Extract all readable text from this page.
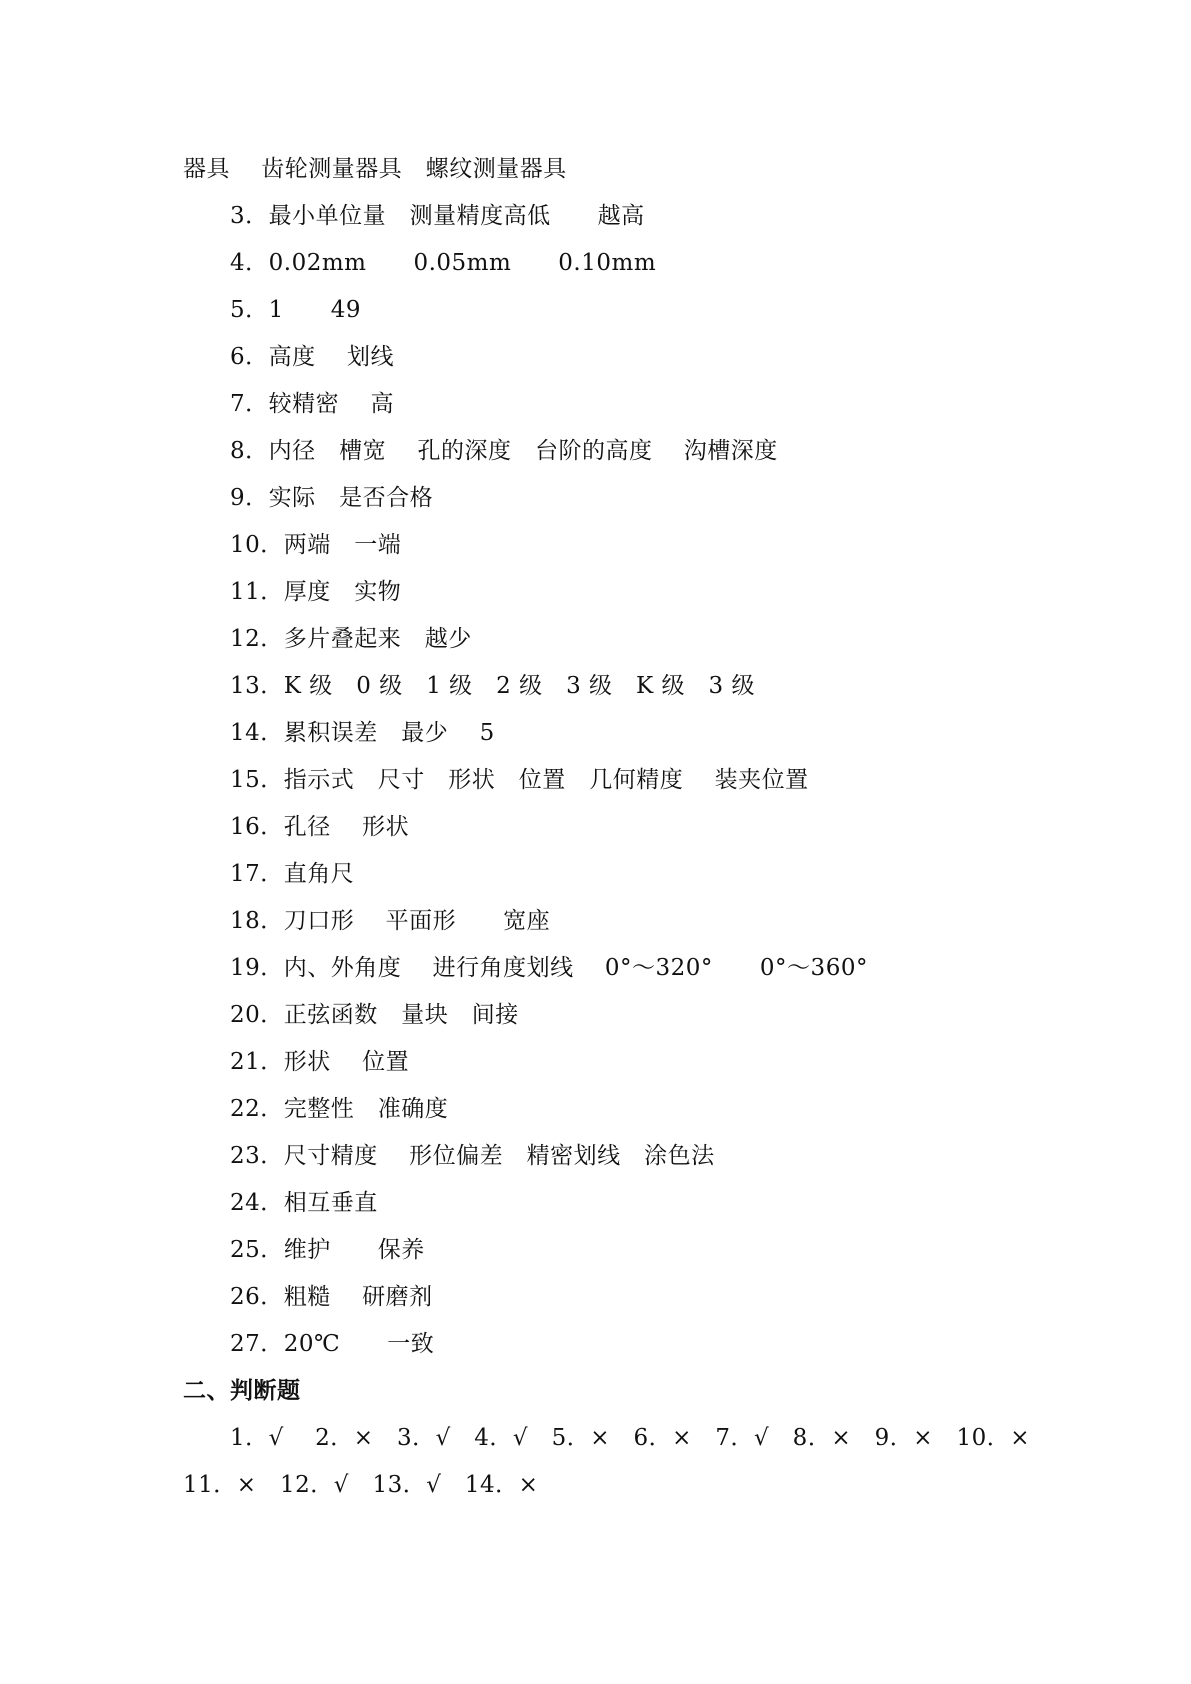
器具　 齿轮测量器具　螺纹测量器具
3．最小单位量　测量精度高低　　越高
4．0.02mm　　0.05mm　　0.10mm
5．1　　49
6．高度　 划线
7．较精密　 高
8．内径　槽宽　 孔的深度　台阶的高度　 沟槽深度
9．实际　是否合格
10．两端　一端
11．厚度　实物
12．多片叠起来　越少
13．K 级　0 级　1 级　2 级　3 级　K 级　3 级
14．累积误差　最少　 5
15．指示式　尺寸　形状　位置　几何精度　 装夹位置
16．孔径　 形状
17．直角尺
18．刀口形　 平面形　　宽座
19．内、外角度　 进行角度划线　 0°～320°　　0°～360°
20．正弦函数　量块　间接
21．形状　 位置
22．完整性　准确度
23．尺寸精度　 形位偏差　精密划线　涂色法
24．相互垂直
25．维护　　保养
26．粗糙　 研磨剂
27．20℃　　一致
二、判断题
1．√　 2．×　3．√　4．√　5．×　6．×　7．√　8．×　9．×　10．×
11．×　12．√　13．√　14．×
